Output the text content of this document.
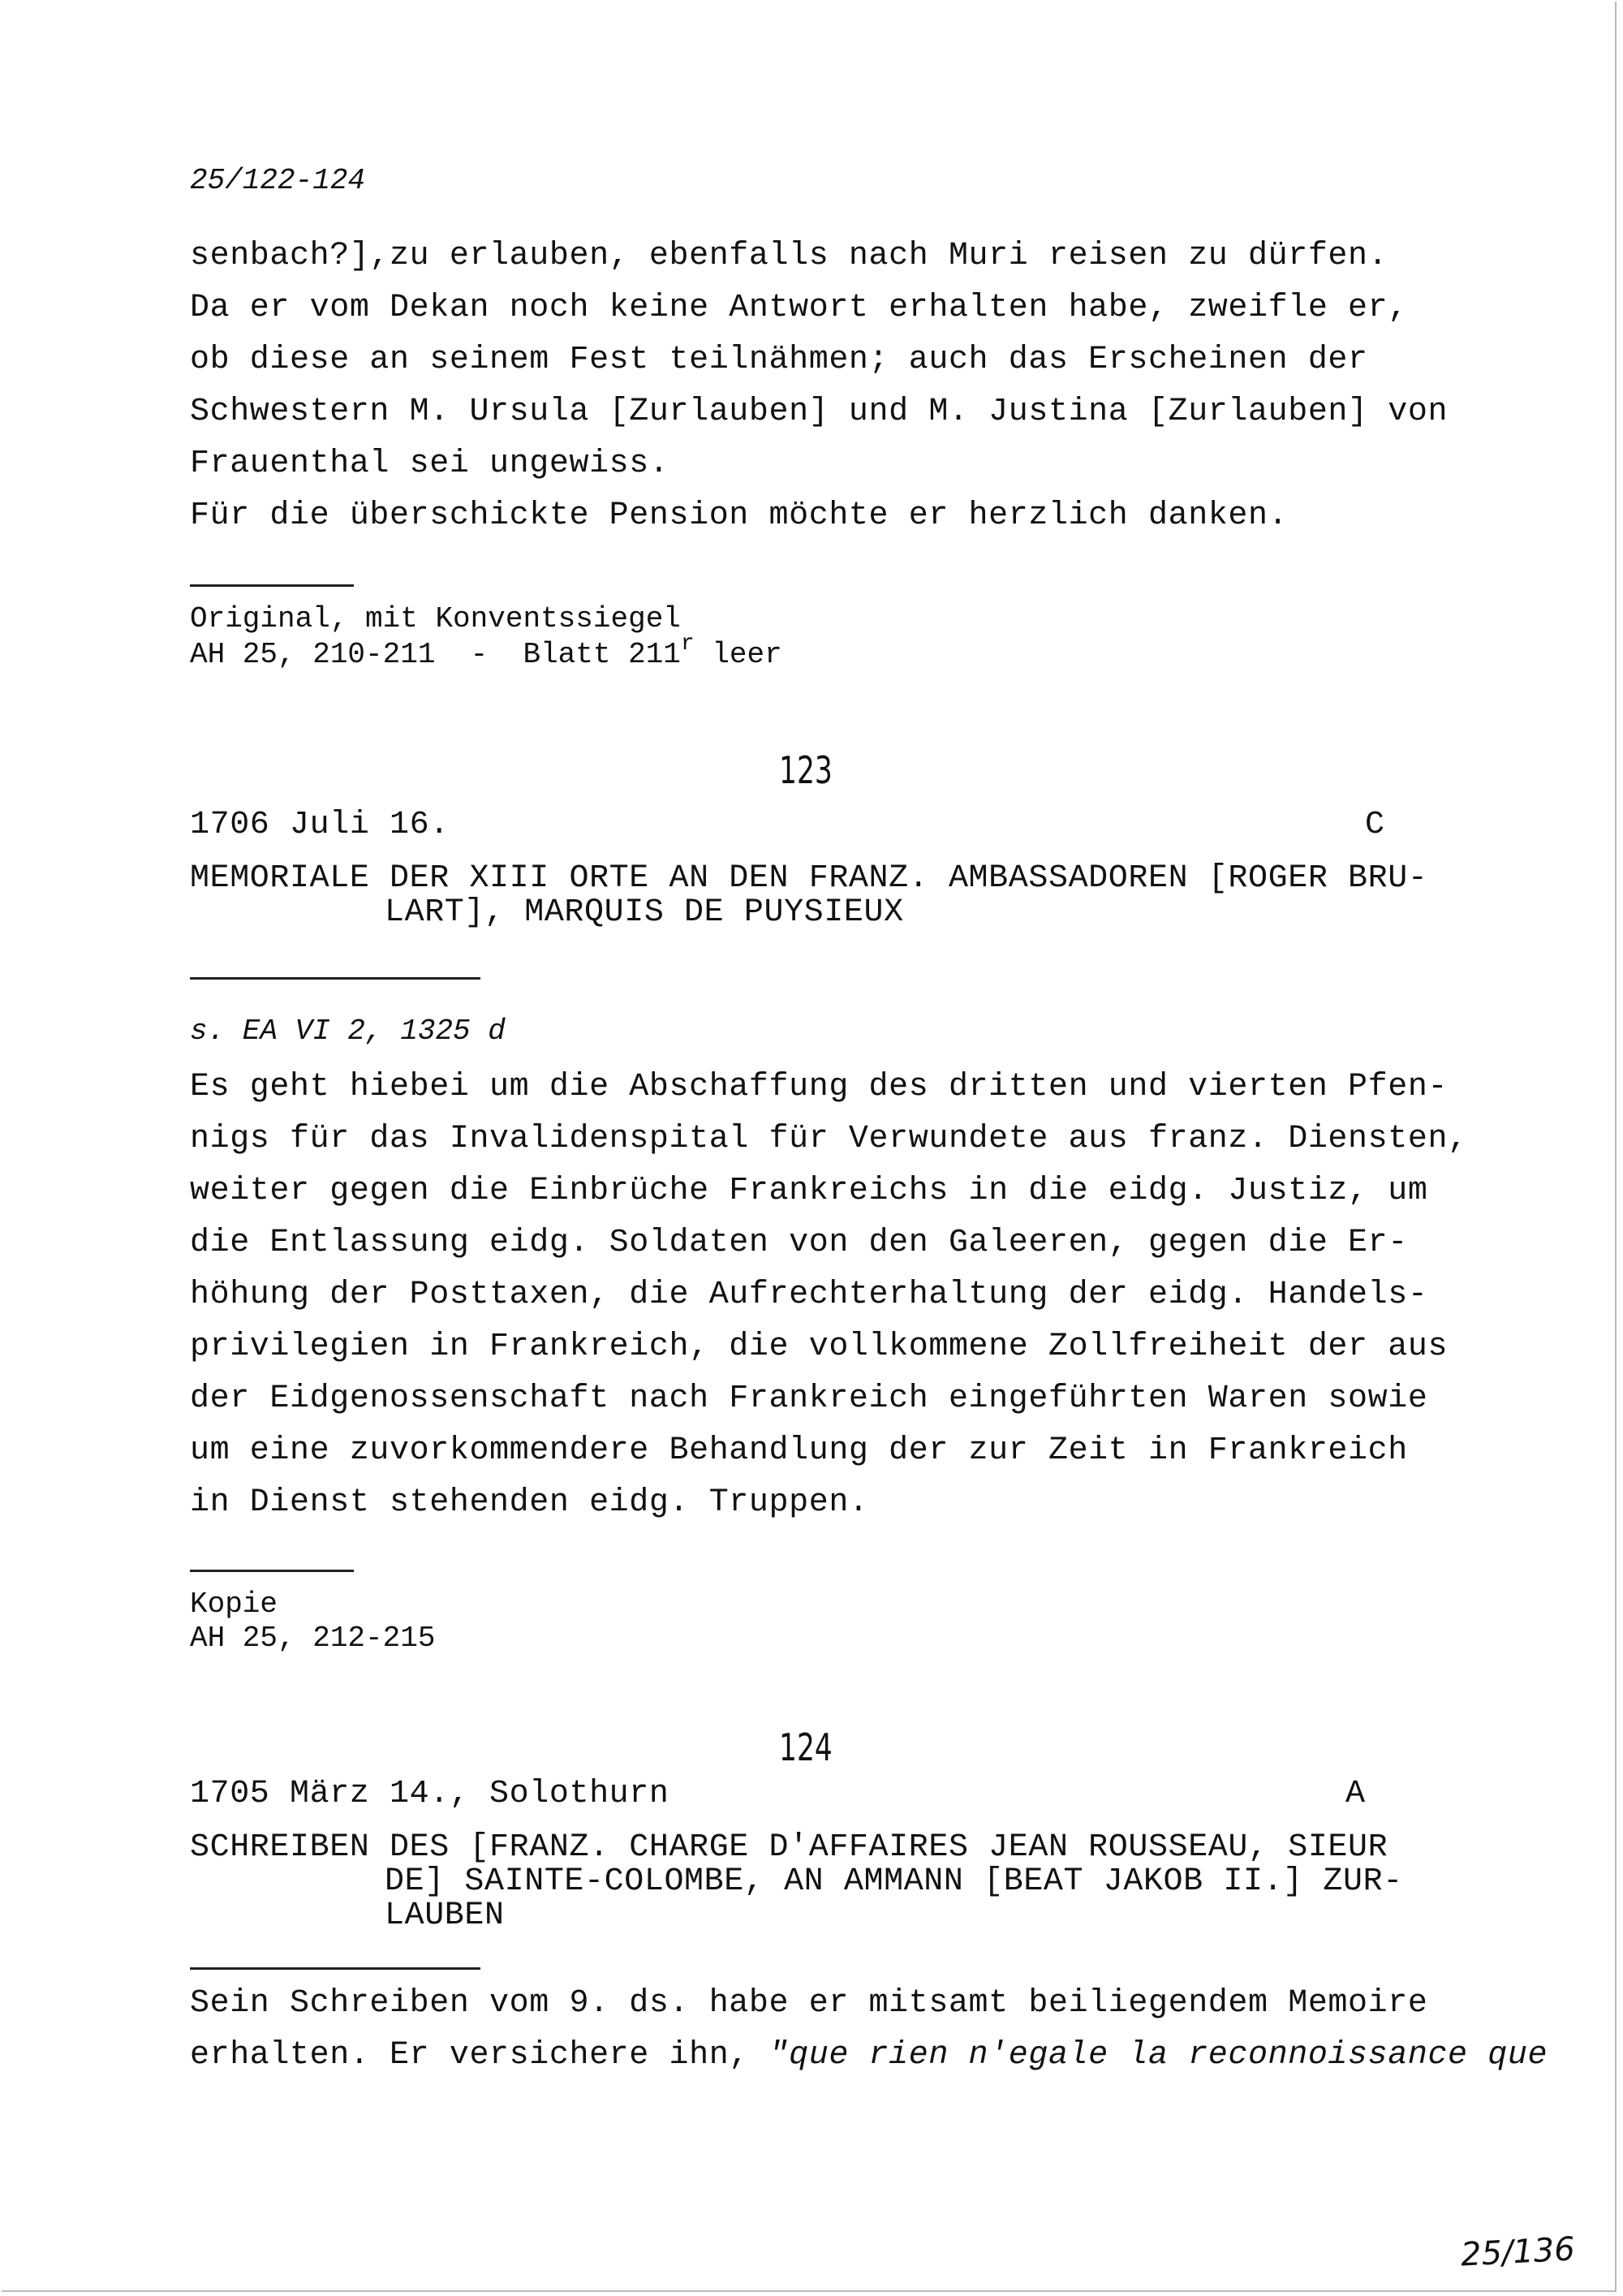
25/122-124
senbach?],zu erlauben, ebenfalls nach Muri reisen zu dürfen.
Da er vom Dekan noch keine Antwort erhalten habe, zweifle er,
ob diese an seinem Fest teilnähmen; auch das Erscheinen der
Schwestern M. Ursula [Zurlauben] und M. Justina [Zurlauben] von
Frauenthal sei ungewiss.
Für die überschickte Pension möchte er herzlich danken.
Original, mit Konventssiegel
AH 25, 210-211  -  Blatt 211$^r$ leer
123
1706 Juli 16.	C
MEMORIALE DER XIII ORTE AN DEN FRANZ. AMBASSADOREN [ROGER BRU-
LART], MARQUIS DE PUYSIEUX
s. EA VI 2, 1325 d
Es geht hiebei um die Abschaffung des dritten und vierten Pfen-
nigs für das Invalidenspital für Verwundete aus franz. Diensten,
weiter gegen die Einbrüche Frankreichs in die eidg. Justiz, um
die Entlassung eidg. Soldaten von den Galeeren, gegen die Er-
höhung der Posttaxen, die Aufrechterhaltung der eidg. Handels-
privilegien in Frankreich, die vollkommene Zollfreiheit der aus
der Eidgenossenschaft nach Frankreich eingeführten Waren sowie
um eine zuvorkommendere Behandlung der zur Zeit in Frankreich
in Dienst stehenden eidg. Truppen.
Kopie
AH 25, 212-215
124
1705 März 14., Solothurn	A
SCHREIBEN DES [FRANZ. CHARGE D'AFFAIRES JEAN ROUSSEAU, SIEUR
DE] SAINTE-COLOMBE, AN AMMANN [BEAT JAKOB II.] ZUR-
LAUBEN
Sein Schreiben vom 9. ds. habe er mitsamt beiliegendem Memoire
erhalten. Er versichere ihn, "que rien n'egale la reconnoissance que
25/136
